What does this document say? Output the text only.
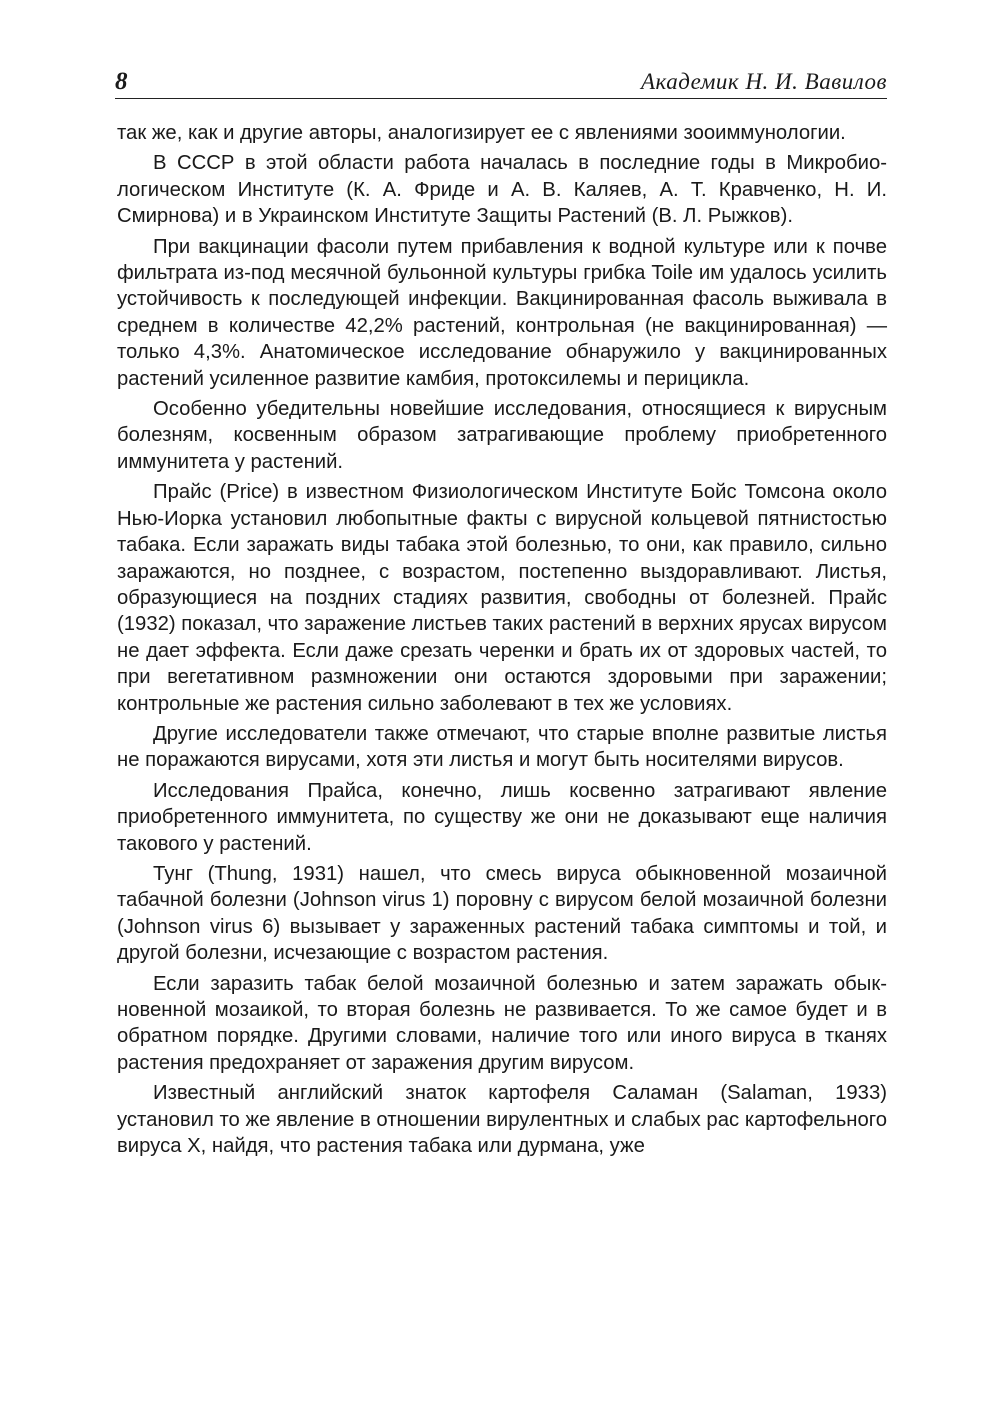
8	Академик Н. И. Вавилов

так же, как и другие авторы, аналогизирует ее с явлениями зооиммунологии.

В СССР в этой области работа началась в последние годы в Микробиологическом Институте (К. А. Фриде и А. В. Каляев, А. Т. Кравченко, Н. И. Смирнова) и в Украинском Институте Защиты Растений (В. Л. Рыжков).

При вакцинации фасоли путем прибавления к водной культуре или к почве фильтрата из-под месячной бульонной культуры грибка Toile им удалось усилить устойчивость к последующей инфекции. Вакцинированная фасоль выживала в среднем в количестве 42,2% растений, контрольная (не вакцинированная) — только 4,3%. Анатомическое исследование обнаружило у вакцинированных растений усиленное развитие камбия, протоксилемы и перицикла.

Особенно убедительны новейшие исследования, относящиеся к вирусным болезням, косвенным образом затрагивающие проблему приобретенного иммунитета у растений.

Прайс (Price) в известном Физиологическом Институте Бойс Томсона около Нью-Иорка установил любопытные факты с вирусной кольцевой пятнистостью табака. Если заражать виды табака этой болезнью, то они, как правило, сильно заражаются, но позднее, с возрастом, постепенно выздоравливают. Листья, образующиеся на поздних стадиях развития, свободны от болезней. Прайс (1932) показал, что заражение листьев таких растений в верхних ярусах вирусом не дает эффекта. Если даже срезать черенки и брать их от здоровых частей, то при вегетативном размножении они остаются здоровыми при заражении; контрольные же растения сильно заболевают в тех же условиях.

Другие исследователи также отмечают, что старые вполне развитые листья не поражаются вирусами, хотя эти листья и могут быть носителями вирусов.

Исследования Прайса, конечно, лишь косвенно затрагивают явление приобретенного иммунитета, по существу же они не доказывают еще наличия такового у растений.

Тунг (Thung, 1931) нашел, что смесь вируса обыкновенной мозаичной табачной болезни (Johnson virus 1) поровну с вирусом белой мозаичной болезни (Johnson virus 6) вызывает у зараженных растений табака симптомы и той, и другой болезни, исчезающие с возрастом растения.

Если заразить табак белой мозаичной болезнью и затем заражать обыкновенной мозаикой, то вторая болезнь не развивается. То же самое будет и в обратном порядке. Другими словами, наличие того или иного вируса в тканях растения предохраняет от заражения другим вирусом.

Известный английский знаток картофеля Саламан (Salaman, 1933) установил то же явление в отношении вирулентных и слабых рас картофельного вируса X, найдя, что растения табака или дурмана, уже
